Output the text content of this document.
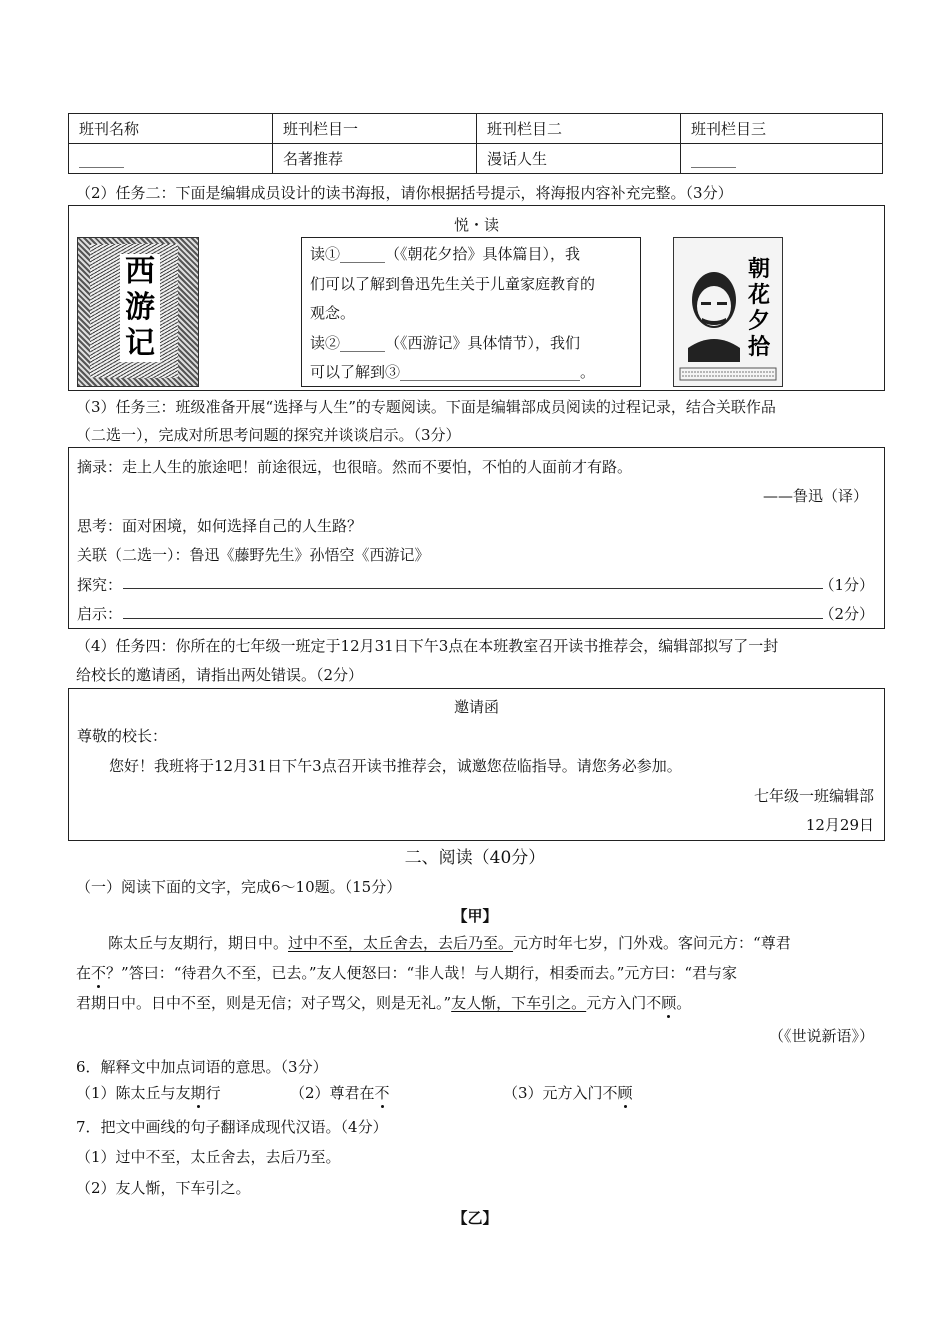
班刊名称	班刊栏目一	班刊栏目二	班刊栏目三
______	名著推荐	漫话人生	______
（2）任务二：下面是编辑成员设计的读书海报，请你根据括号提示，将海报内容补充完整。（3分）
悦・读
西游记
读①______（《朝花夕拾》具体篇目），我
们可以了解到鲁迅先生关于儿童家庭教育的
观念。
读②______（《西游记》具体情节），我们
可以了解到③________________________。
朝花夕拾
（3）任务三：班级准备开展“选择与人生”的专题阅读。下面是编辑部成员阅读的过程记录，结合关联作品
（二选一），完成对所思考问题的探究并谈谈启示。（3分）
摘录：走上人生的旅途吧！前途很远，也很暗。然而不要怕，不怕的人面前才有路。
——鲁迅（译）
思考：面对困境，如何选择自己的人生路？
关联（二选一）：鲁迅《藤野先生》孙悟空《西游记》
探究：	（1分）
启示：	（2分）
（4）任务四：你所在的七年级一班定于12月31日下午3点在本班教室召开读书推荐会，编辑部拟写了一封
给校长的邀请函，请指出两处错误。（2分）
邀请函
尊敬的校长：
您好！我班将于12月31日下午3点召开读书推荐会，诚邀您莅临指导。请您务必参加。
七年级一班编辑部
12月29日
二、阅读（40分）
（一）阅读下面的文字，完成6～10题。（15分）
【甲】
陈太丘与友期行，期日中。过中不至，太丘舍去，去后乃至。元方时年七岁，门外戏。客问元方：“尊君
在不？”答曰：“待君久不至，已去。”友人便怒曰：“非人哉！与人期行，相委而去。”元方曰：“君与家
君期日中。日中不至，则是无信；对子骂父，则是无礼。”友人惭，下车引之。元方入门不顾。
（《世说新语》）
6．解释文中加点词语的意思。（3分）
（1）陈太丘与友期行	（2）尊君在不	（3）元方入门不顾
7．把文中画线的句子翻译成现代汉语。（4分）
（1）过中不至，太丘舍去，去后乃至。
（2）友人惭，下车引之。
【乙】
